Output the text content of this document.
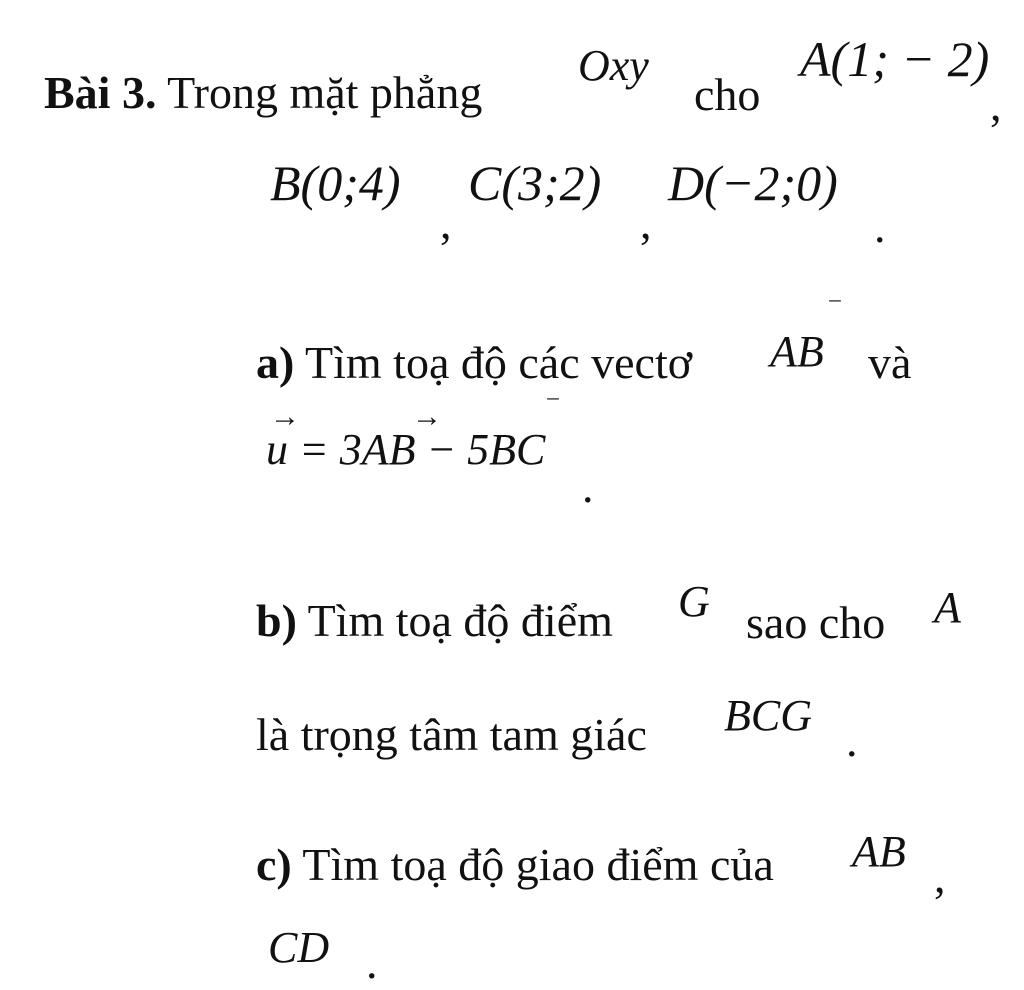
Bài 3. Trong mặt phẳng
Oxy
cho
A(1; − 2)
,
B(0;4)
,
C(3;2)
,
D(−2;0)
.
a) Tìm toạ độ các vectơ AB
‾
và
→	→	‾
u = 3AB − 5BC
.
b) Tìm toạ độ điểm G sao cho A
là trọng tâm tam giác BCG .
c) Tìm toạ độ giao điểm của AB ,
CD .
